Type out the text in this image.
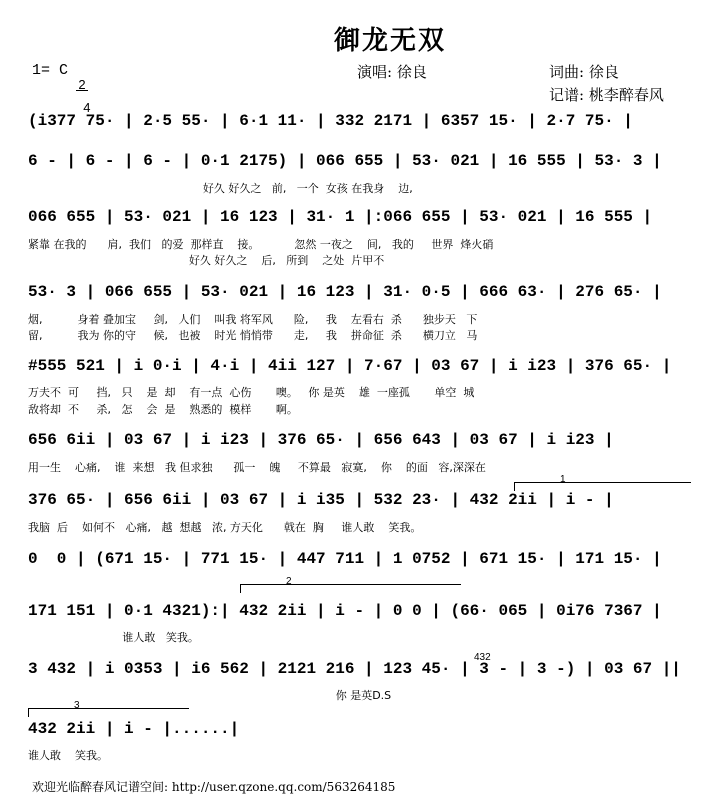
御龙无双
1= C

$\frac{2}{4}$	演唱: 徐良	词曲: 徐良
记谱: 桃李醉春风
(i377 75· | 2·5 55· | 6·1 11· | 332 2171 | 6357 15· | 2·7 75· |
6 - | 6 - | 6 - | 0·1 2175) | 066 655 | 53· 021 | 16 555 | 53· 3 |
好久 好久之   前,   一个  女孩 在我身    边,
066 655 | 53· 021 | 16 123 | 31· 1 |:066 655 | 53· 021 | 16 555 |
紧靠 在我的      肩,  我们   的爱  那样直    接。          忽然 一夜之    间,   我的     世界  烽火硝
好久 好久之    后,   所到    之处  片甲不
53· 3 | 066 655 | 53· 021 | 16 123 | 31· 0·5 | 666 63· | 276 65· |
烟,          身着 叠加宝     剑,   人们    叫我 将军风      险,     我    左看右  杀      独步天   下
留,          我为 你的守     候,   也被    时光 悄悄带      走,     我    拼命征  杀      横刀立   马
#555 521 | i 0·i | 4·i | 4ii 127 | 7·67 | 03 67 | i i23 | 376 65· |
万夫不  可     挡,   只    是  却    有一点  心伤       噢。   你 是英    雄  一座孤       单空  城
敌将却  不     杀,   怎    会  是    熟悉的  模样       啊。
656 6ii | 03 67 | i i23 | 376 65· | 656 643 | 03 67 | i i23 |
用一生    心痛,    谁  来想   我 但求独      孤一    魄     不算最   寂寞,    你    的面   容,深深在
376 65· | 656 6ii | 03 67 | i i35 | 532 23· | 432 2ii | i - |
我脑  后    如何不   心痛,   越  想越   浓, 方天化      戟在  胸     谁人敢    笑我。
0  0 | (671 15· | 771 15· | 447 711 | 1 0752 | 671 15· | 171 15· |
171 151 | 0·1 4321):| 432 2ii | i - | 0 0 | (66· 065 | 0i76 7367 |
谁人敢   笑我。
3 432 | i 0353 | i6 562 | 2121 216 | 123 45· | 3 - | 3 -) | 03 67 ||
你 是英D.S
432 2ii | i - |......|
谁人敢    笑我。
1
2
3
432
欢迎光临醉春风记谱空间: http://user.qzone.qq.com/563264185
